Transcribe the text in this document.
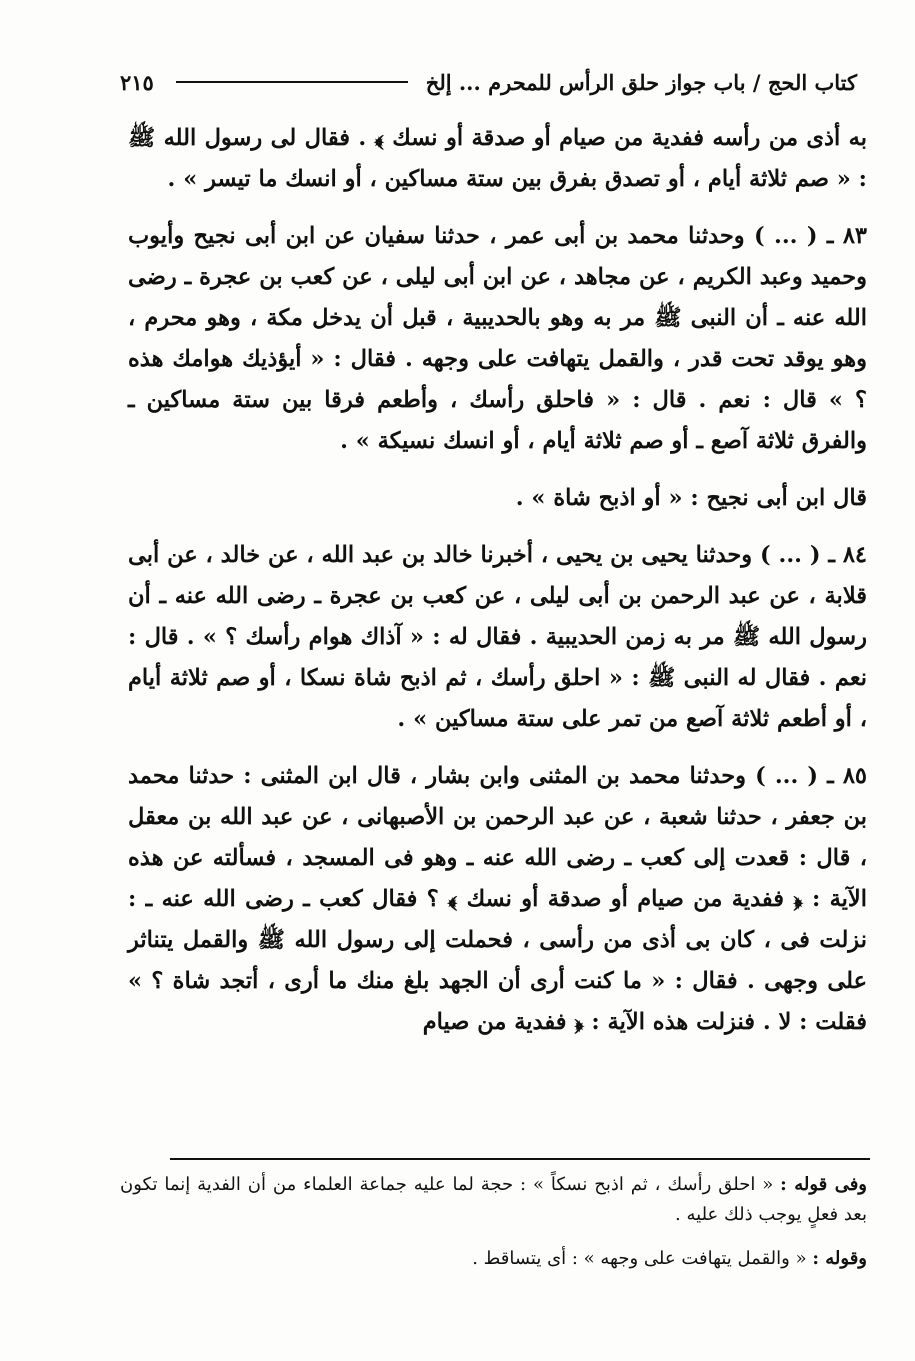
كتاب الحج / باب جواز حلق الرأس للمحرم ... إلخ
٢١٥

به أذى من رأسه ففدية من صيام أو صدقة أو نسك ﴾ . فقال لى رسول الله ﷺ : « صم ثلاثة أيام ، أو تصدق بفرق بين ستة مساكين ، أو انسك ما تيسر » .

٨٣ ـ ( ... ) وحدثنا محمد بن أبى عمر ، حدثنا سفيان عن ابن أبى نجيح وأيوب وحميد وعبد الكريم ، عن مجاهد ، عن ابن أبى ليلى ، عن كعب بن عجرة ـ رضى الله عنه ـ أن النبى ﷺ مر به وهو بالحديبية ، قبل أن يدخل مكة ، وهو محرم ، وهو يوقد تحت قدر ، والقمل يتهافت على وجهه . فقال : « أيؤذيك هوامك هذه ؟ » قال : نعم . قال : « فاحلق رأسك ، وأطعم فرقا بين ستة مساكين ـ والفرق ثلاثة آصع ـ أو صم ثلاثة أيام ، أو انسك نسيكة » .

قال ابن أبى نجيح : « أو اذبح شاة » .

٨٤ ـ ( ... ) وحدثنا يحيى بن يحيى ، أخبرنا خالد بن عبد الله ، عن خالد ، عن أبى قلابة ، عن عبد الرحمن بن أبى ليلى ، عن كعب بن عجرة ـ رضى الله عنه ـ أن رسول الله ﷺ مر به زمن الحديبية . فقال له : « آذاك هوام رأسك ؟ » . قال : نعم . فقال له النبى ﷺ : « احلق رأسك ، ثم اذبح شاة نسكا ، أو صم ثلاثة أيام ، أو أطعم ثلاثة آصع من تمر على ستة مساكين » .

٨٥ ـ ( ... ) وحدثنا محمد بن المثنى وابن بشار ، قال ابن المثنى : حدثنا محمد بن جعفر ، حدثنا شعبة ، عن عبد الرحمن بن الأصبهانى ، عن عبد الله بن معقل ، قال : قعدت إلى كعب ـ رضى الله عنه ـ وهو فى المسجد ، فسألته عن هذه الآية : ﴿ ففدية من صيام أو صدقة أو نسك ﴾ ؟ فقال كعب ـ رضى الله عنه ـ : نزلت فى ، كان بى أذى من رأسى ، فحملت إلى رسول الله ﷺ والقمل يتناثر على وجهى . فقال : « ما كنت أرى أن الجهد بلغ منك ما أرى ، أتجد شاة ؟ » فقلت : لا . فنزلت هذه الآية : ﴿ ففدية من صيام

وفى قوله : « احلق رأسك ، ثم اذبح نسكاً » : حجة لما عليه جماعة العلماء من أن الفدية إنما تكون بعد فعلٍ يوجب ذلك عليه .

وقوله : « والقمل يتهافت على وجهه » : أى يتساقط .
